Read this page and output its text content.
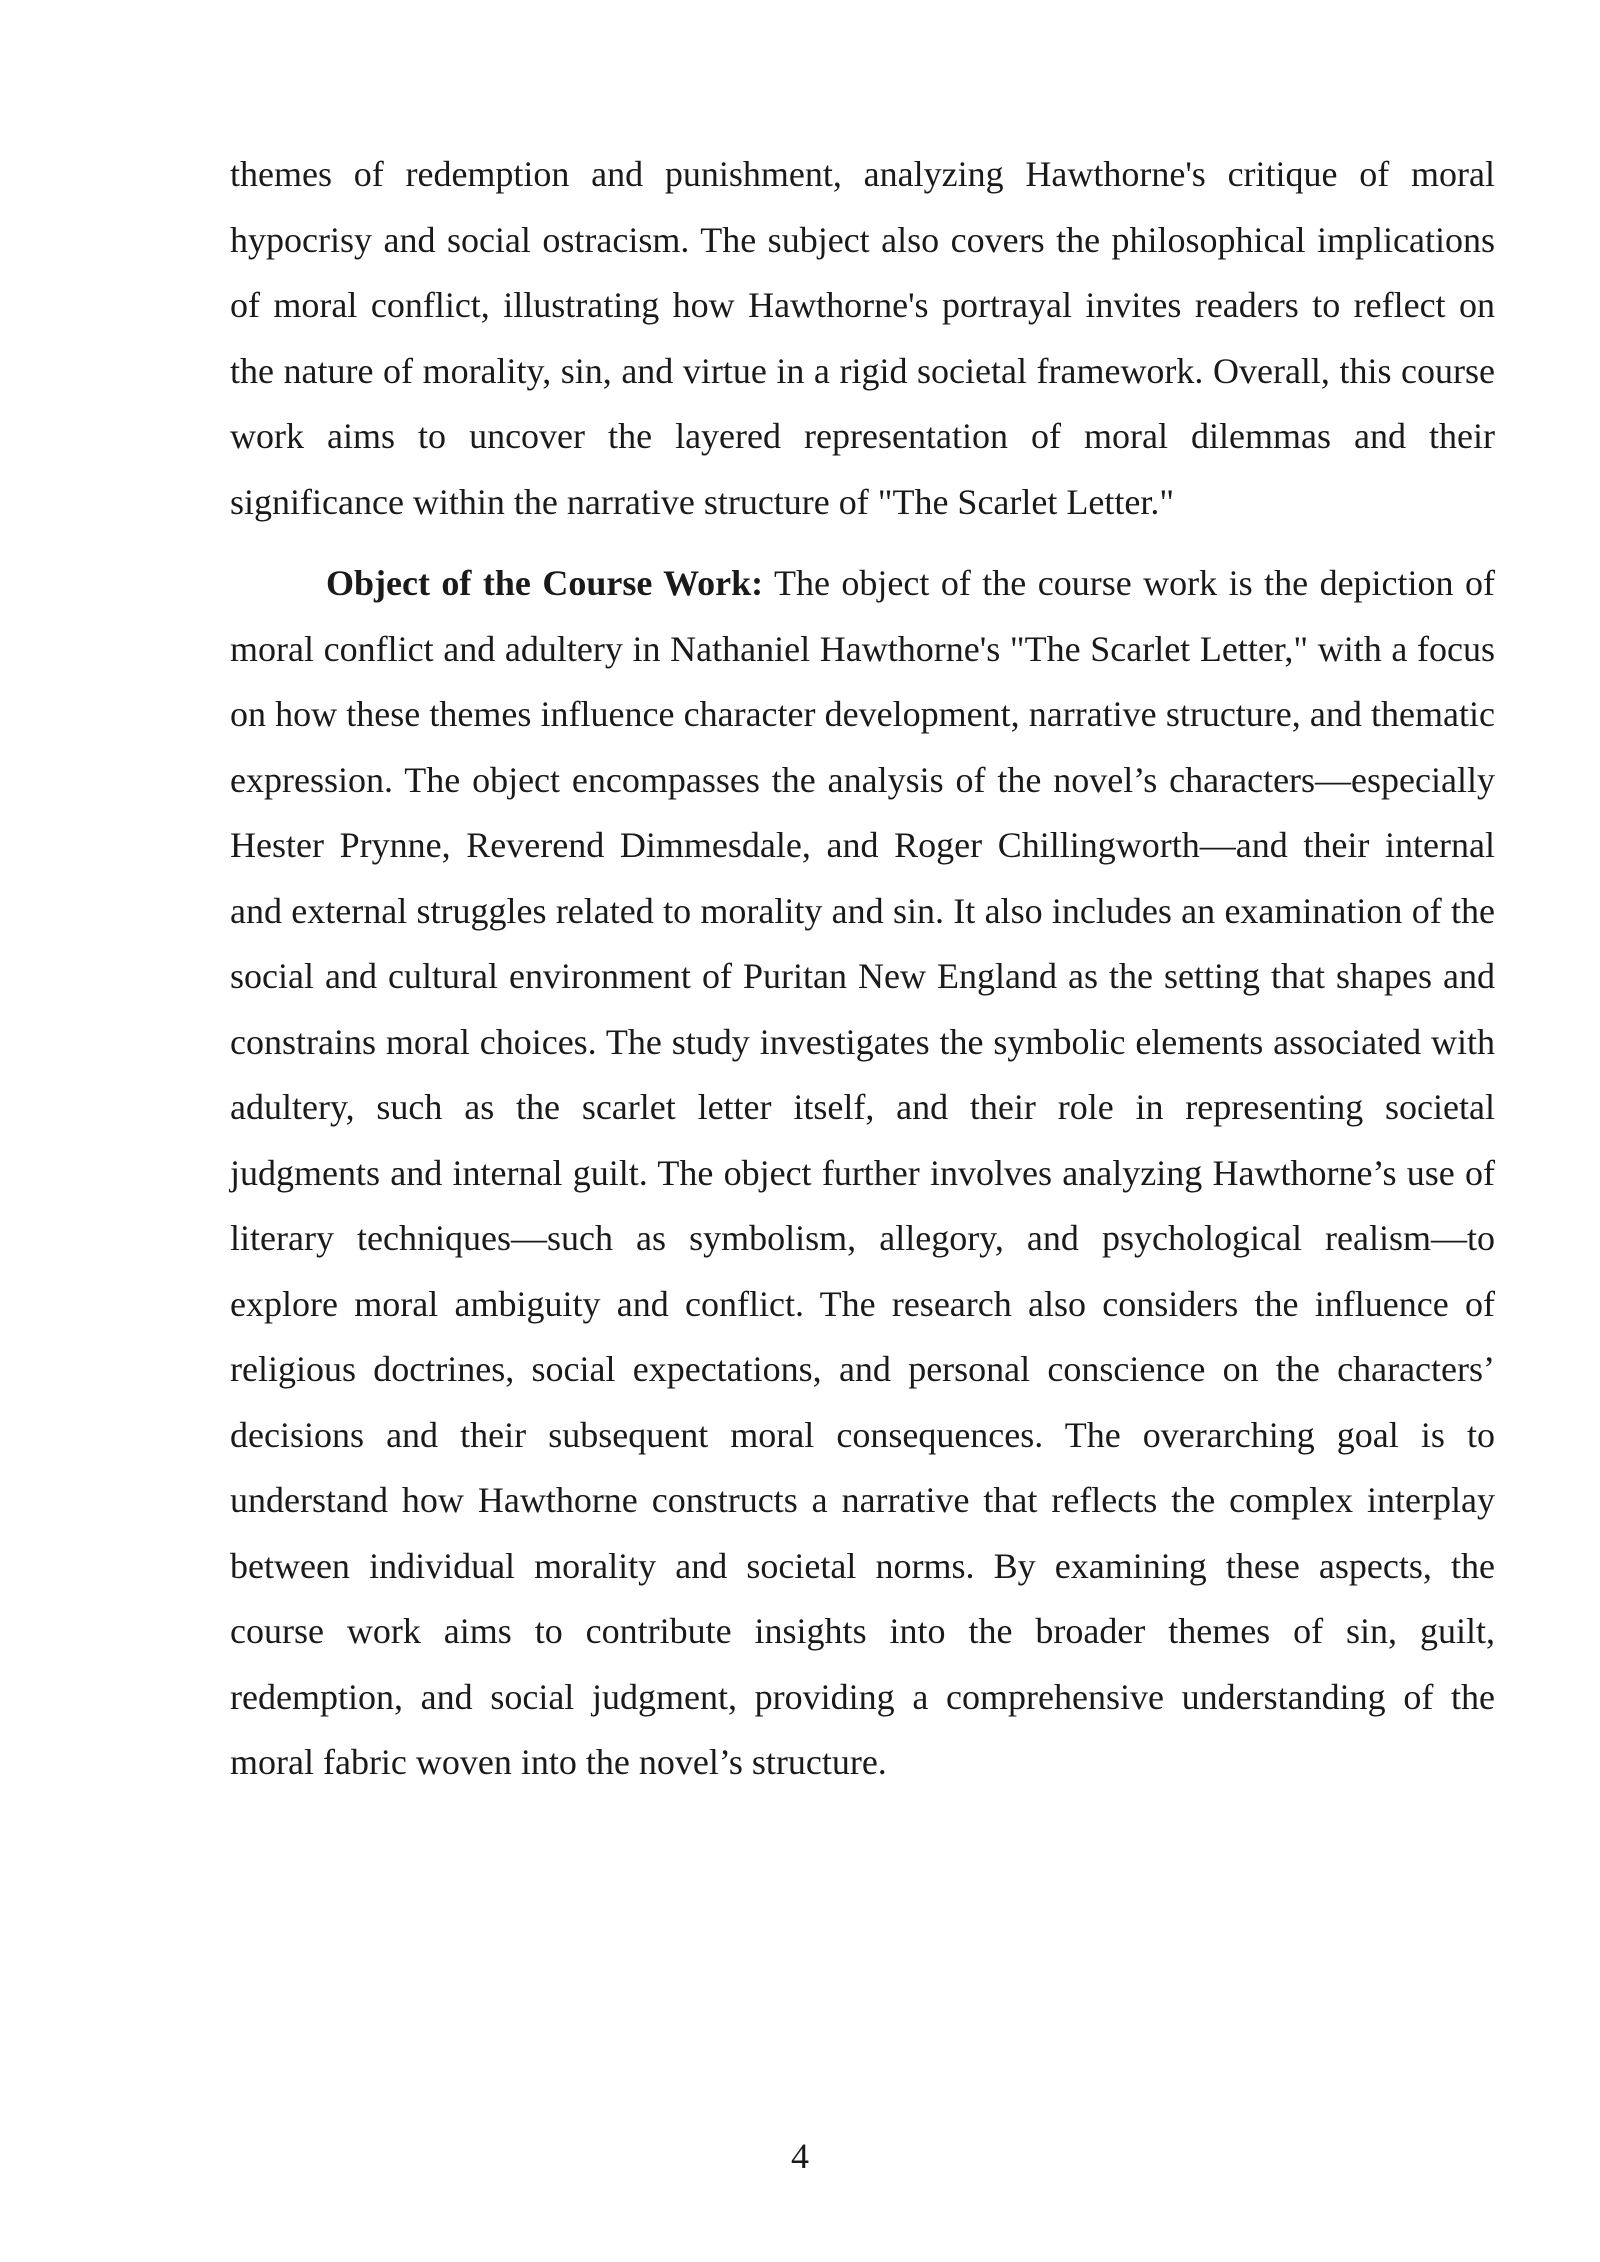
themes of redemption and punishment, analyzing Hawthorne's critique of moral hypocrisy and social ostracism. The subject also covers the philosophical implications of moral conflict, illustrating how Hawthorne's portrayal invites readers to reflect on the nature of morality, sin, and virtue in a rigid societal framework. Overall, this course work aims to uncover the layered representation of moral dilemmas and their significance within the narrative structure of "The Scarlet Letter."

Object of the Course Work: The object of the course work is the depiction of moral conflict and adultery in Nathaniel Hawthorne's "The Scarlet Letter," with a focus on how these themes influence character development, narrative structure, and thematic expression. The object encompasses the analysis of the novel’s characters—especially Hester Prynne, Reverend Dimmesdale, and Roger Chillingworth—and their internal and external struggles related to morality and sin. It also includes an examination of the social and cultural environment of Puritan New England as the setting that shapes and constrains moral choices. The study investigates the symbolic elements associated with adultery, such as the scarlet letter itself, and their role in representing societal judgments and internal guilt. The object further involves analyzing Hawthorne’s use of literary techniques—such as symbolism, allegory, and psychological realism—to explore moral ambiguity and conflict. The research also considers the influence of religious doctrines, social expectations, and personal conscience on the characters’ decisions and their subsequent moral consequences. The overarching goal is to understand how Hawthorne constructs a narrative that reflects the complex interplay between individual morality and societal norms. By examining these aspects, the course work aims to contribute insights into the broader themes of sin, guilt, redemption, and social judgment, providing a comprehensive understanding of the moral fabric woven into the novel’s structure.

4
